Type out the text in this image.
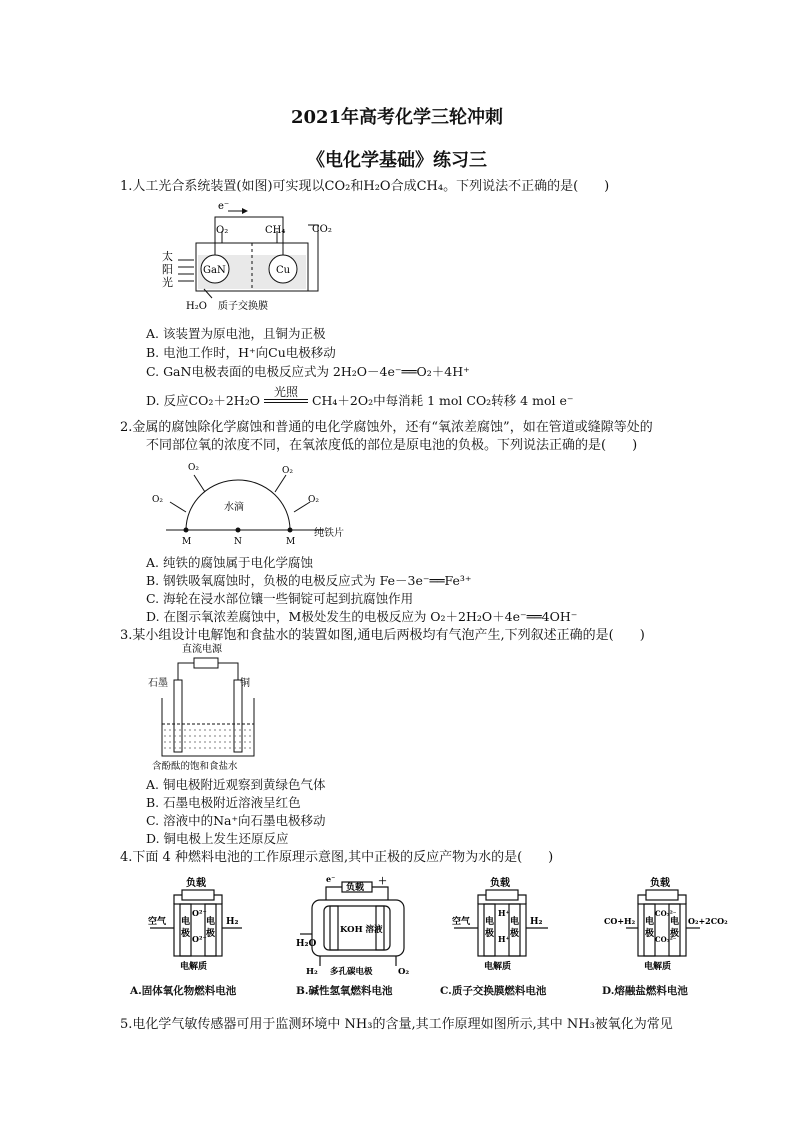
2021年高考化学三轮冲刺
《电化学基础》练习三
1.人工光合系统装置(如图)可实现以CO₂和H₂O合成CH₄。下列说法不正确的是(　　)
太
阳
光
e⁻
O₂	CH₄	CO₂
GaN	Cu
H₂O 质子交换膜
A. 该装置为原电池，且铜为正极
B. 电池工作时，H⁺向Cu电极移动
C. GaN电极表面的电极反应式为 2H₂O－4e⁻══O₂＋4H⁺
D. 反应CO₂＋2H₂O
光照
CH₄＋2O₂中每消耗 1 mol CO₂转移 4 mol e⁻
2.金属的腐蚀除化学腐蚀和普通的电化学腐蚀外，还有“氧浓差腐蚀”，如在管道或缝隙等处的
不同部位氧的浓度不同，在氧浓度低的部位是原电池的负极。下列说法正确的是(　　)
O₂	O₂
O₂	O₂
水滴
M	N	M
纯铁片
A. 纯铁的腐蚀属于电化学腐蚀
B. 钢铁吸氧腐蚀时，负极的电极反应式为 Fe－3e⁻══Fe³⁺
C. 海轮在浸水部位镶一些铜锭可起到抗腐蚀作用
D. 在图示氧浓差腐蚀中，M极处发生的电极反应为 O₂＋2H₂O＋4e⁻══4OH⁻
3.某小组设计电解饱和食盐水的装置如图,通电后两极均有气泡产生,下列叙述正确的是(　　)
直流电源
石墨	铜
含酚酞的饱和食盐水
A. 铜电极附近观察到黄绿色气体
B. 石墨电极附近溶液呈红色
C. 溶液中的Na⁺向石墨电极移动
D. 铜电极上发生还原反应
4.下面 4 种燃料电池的工作原理示意图,其中正极的反应产物为水的是(　　)
负载
电
极
电
极
O²⁻
O²⁻
空气	H₂
电解质
A.固体氧化物燃料电池
e⁻
负载
＋
KOH 溶液
H₂O
H₂ 多孔碳电极	O₂
B.碱性氢氧燃料电池
负载
电
极
电
极
H⁺
H⁺
空气	H₂
电解质
C.质子交换膜燃料电池
负载
电
极
电
极
CO₃²⁻
CO₃²⁻
CO+H₂	O₂+2CO₂
电解质
D.熔融盐燃料电池
5.电化学气敏传感器可用于监测环境中 NH₃的含量,其工作原理如图所示,其中 NH₃被氧化为常见
